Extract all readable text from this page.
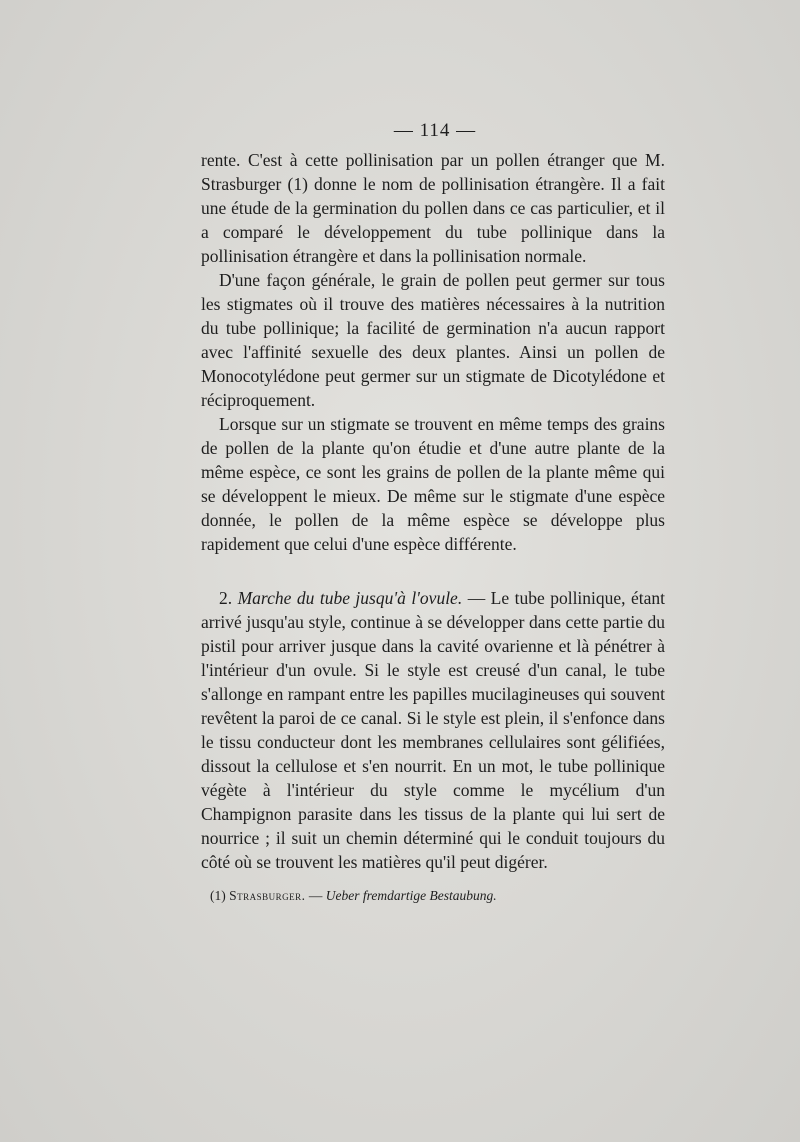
— 114 —

rente. C'est à cette pollinisation par un pollen étranger que M. Strasburger (1) donne le nom de pollinisation étrangère. Il a fait une étude de la germination du pollen dans ce cas particulier, et il a comparé le développement du tube pollinique dans la pollinisation étrangère et dans la pollinisation normale.

D'une façon générale, le grain de pollen peut germer sur tous les stigmates où il trouve des matières nécessaires à la nutrition du tube pollinique; la facilité de germination n'a aucun rapport avec l'affinité sexuelle des deux plantes. Ainsi un pollen de Monocotylédone peut germer sur un stigmate de Dicotylédone et réciproquement.

Lorsque sur un stigmate se trouvent en même temps des grains de pollen de la plante qu'on étudie et d'une autre plante de la même espèce, ce sont les grains de pollen de la plante même qui se développent le mieux. De même sur le stigmate d'une espèce donnée, le pollen de la même espèce se développe plus rapidement que celui d'une espèce différente.

2. Marche du tube jusqu'à l'ovule. — Le tube pollinique, étant arrivé jusqu'au style, continue à se développer dans cette partie du pistil pour arriver jusque dans la cavité ovarienne et là pénétrer à l'intérieur d'un ovule. Si le style est creusé d'un canal, le tube s'allonge en rampant entre les papilles mucilagineuses qui souvent revêtent la paroi de ce canal. Si le style est plein, il s'enfonce dans le tissu conducteur dont les membranes cellulaires sont gélifiées, dissout la cellulose et s'en nourrit. En un mot, le tube pollinique végète à l'intérieur du style comme le mycélium d'un Champignon parasite dans les tissus de la plante qui lui sert de nourrice ; il suit un chemin déterminé qui le conduit toujours du côté où se trouvent les matières qu'il peut digérer.

(1) Strasburger. — Ueber fremdartige Bestaubung.
